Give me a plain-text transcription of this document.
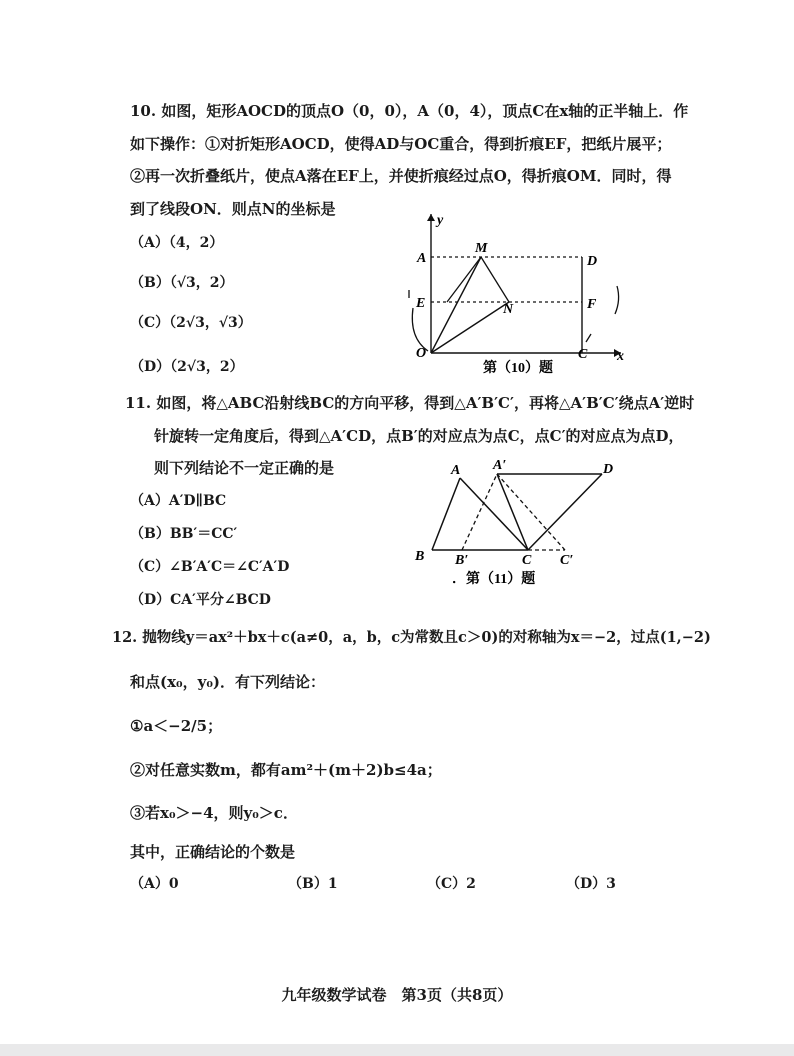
10. 如图，矩形AOCD的顶点O（0，0），A（0，4），顶点C在x轴的正半轴上．作
如下操作：①对折矩形AOCD，使得AD与OC重合，得到折痕EF，把纸片展平；
②再一次折叠纸片，使点A落在EF上，并使折痕经过点O，得折痕OM．同时，得
到了线段ON．则点N的坐标是
（A）（4，2）
（B）（√3，2）
（C）（2√3，√3）
（D）（2√3，2）
y
x
A
M
D
E	F
N
O	C
第（10）题
11. 如图，将△ABC沿射线BC的方向平移，得到△A′B′C′，再将△A′B′C′绕点A′逆时
针旋转一定角度后，得到△A′CD，点B′的对应点为点C，点C′的对应点为点D，
则下列结论不一定正确的是
（A）A′D∥BC
（B）BB′＝CC′
（C）∠B′A′C＝∠C′A′D
（D）CA′平分∠BCD
A A′	D
B B′	C C′
．第（11）题
12. 抛物线y＝ax²＋bx＋c(a≠0，a，b，c为常数且c＞0)的对称轴为x＝−2，过点(1,−2)
和点(x₀，y₀)．有下列结论：
①a＜−2/5；
②对任意实数m，都有am²＋(m＋2)b≤4a；
③若x₀＞−4，则y₀＞c．
其中，正确结论的个数是
（A）0	（B）1	（C）2	（D）3
九年级数学试卷　第3页（共8页）
